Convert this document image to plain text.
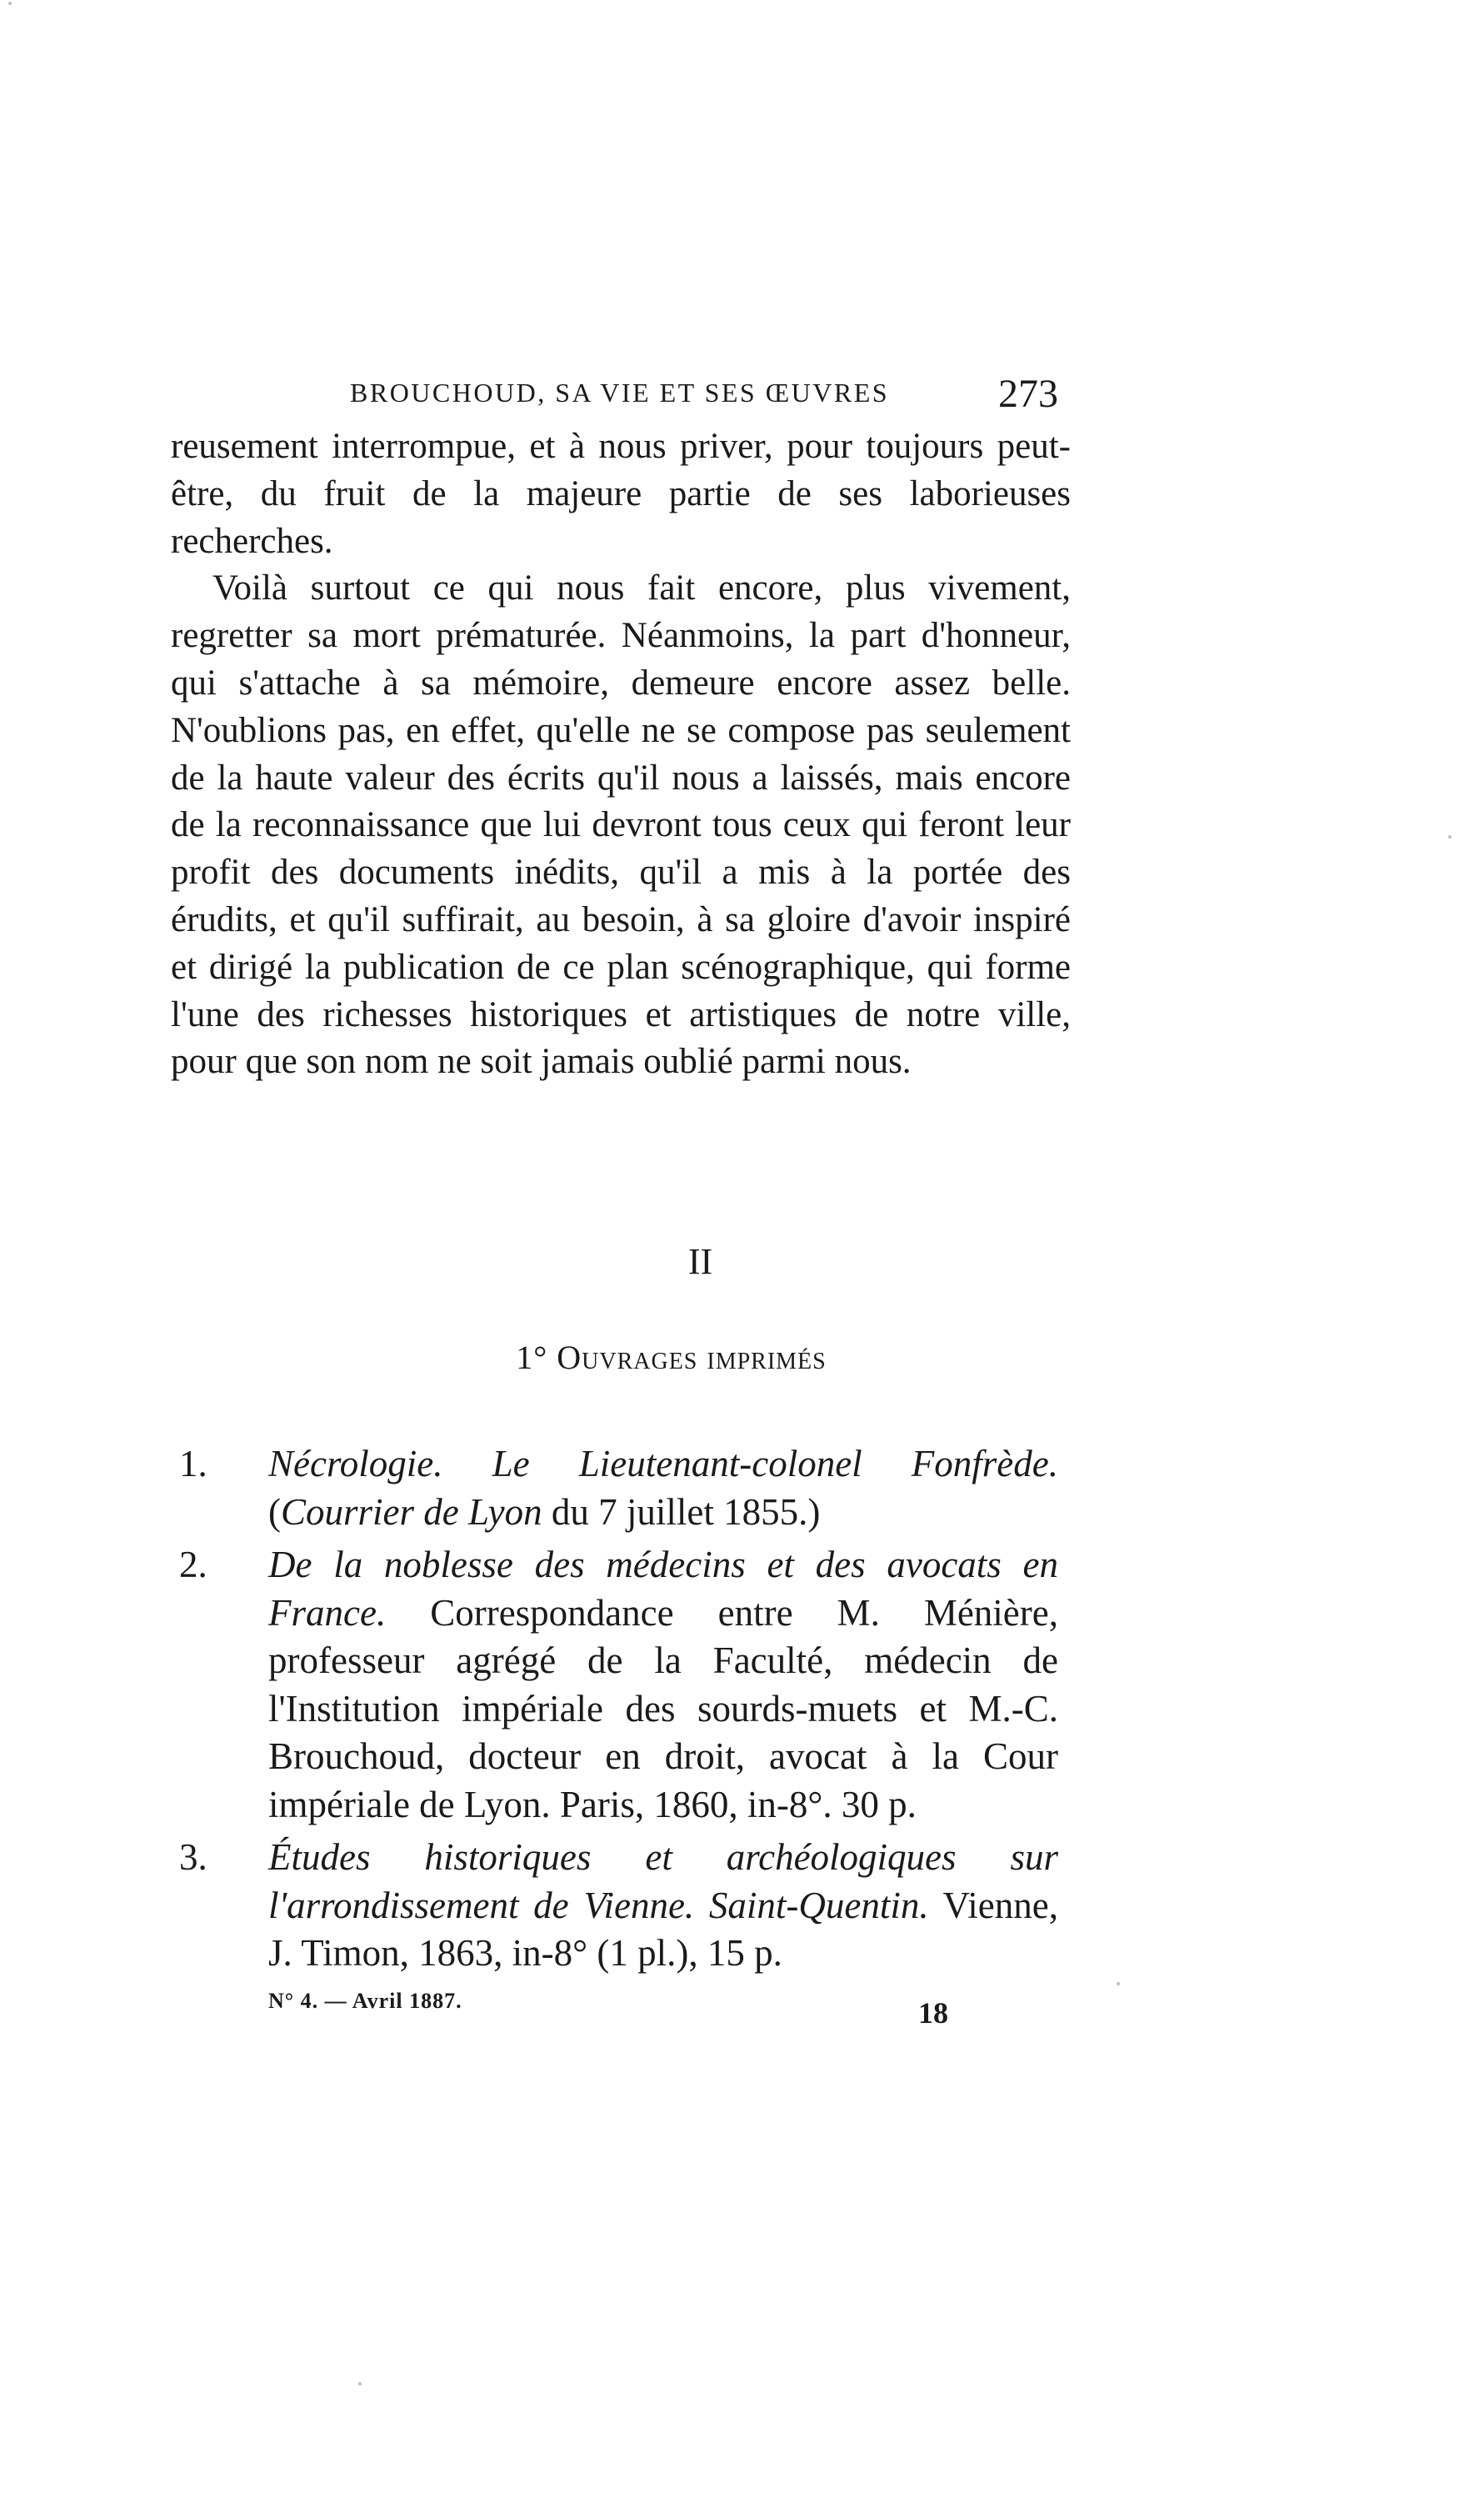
BROUCHOUD, SA VIE ET SES ŒUVRES	273

reusement interrompue, et à nous priver, pour toujours peut-être, du fruit de la majeure partie de ses laborieuses recherches.

Voilà surtout ce qui nous fait encore, plus vivement, regretter sa mort prématurée. Néanmoins, la part d'honneur, qui s'attache à sa mémoire, demeure encore assez belle. N'oublions pas, en effet, qu'elle ne se compose pas seulement de la haute valeur des écrits qu'il nous a laissés, mais encore de la reconnaissance que lui devront tous ceux qui feront leur profit des documents inédits, qu'il a mis à la portée des érudits, et qu'il suffirait, au besoin, à sa gloire d'avoir inspiré et dirigé la publication de ce plan scénographique, qui forme l'une des richesses historiques et artistiques de notre ville, pour que son nom ne soit jamais oublié parmi nous.

II
1° Ouvrages imprimés
1.	Nécrologie. Le Lieutenant-colonel Fonfrède. (Courrier de Lyon du 7 juillet 1855.)
2.	De la noblesse des médecins et des avocats en France. Correspondance entre M. Ménière, professeur agrégé de la Faculté, médecin de l'Institution impériale des sourds-muets et M.-C. Brouchoud, docteur en droit, avocat à la Cour impériale de Lyon. Paris, 1860, in-8°. 30 p.
3.	Études historiques et archéologiques sur l'arrondissement de Vienne. Saint-Quentin. Vienne, J. Timon, 1863, in-8° (1 pl.), 15 p.
N° 4. — Avril 1887.	18
